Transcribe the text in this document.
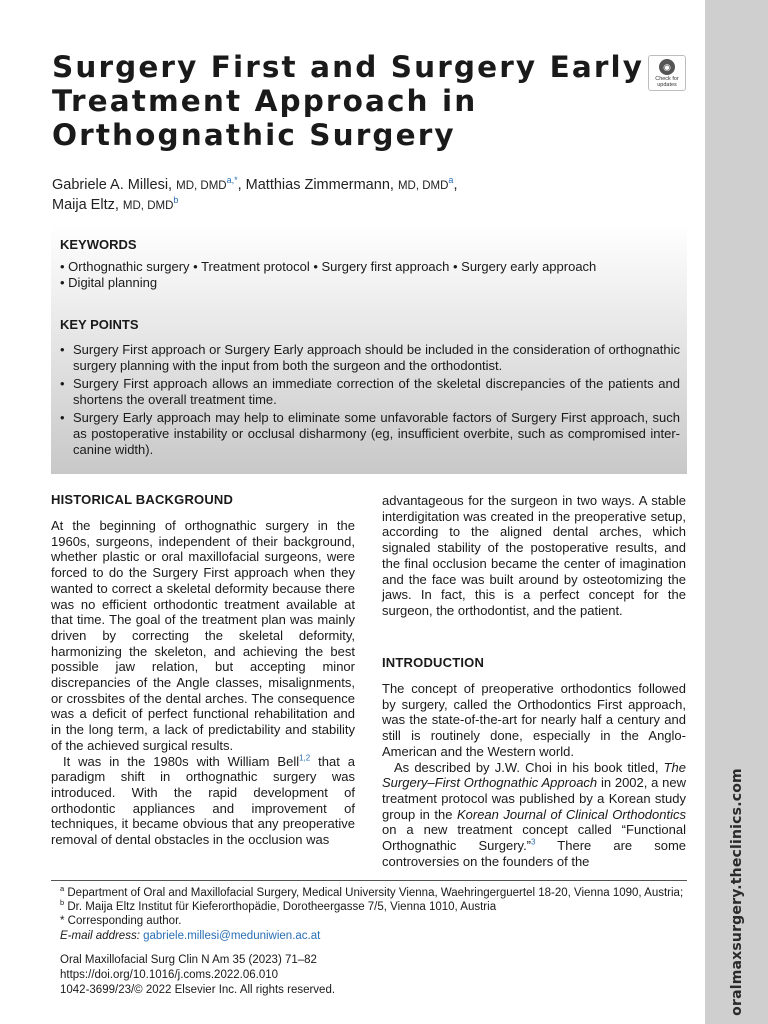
oralmaxsurgery.theclinics.com
◉
Check for
updates
Surgery First and Surgery Early Treatment Approach in Orthognathic Surgery
Gabriele A. Millesi, MD, $DMD^{a,*}$, Matthias Zimmermann, MD, DMD$^a$,
Maija Eltz, MD, DMD$^b$
KEYWORDS
• Orthognathic surgery • Treatment protocol • Surgery first approach • Surgery early approach
• Digital planning
KEY POINTS
• Surgery First approach or Surgery Early approach should be included in the consideration of orthognathic surgery planning with the input from both the surgeon and the orthodontist.
• Surgery First approach allows an immediate correction of the skeletal discrepancies of the patients and shortens the overall treatment time.
• Surgery Early approach may help to eliminate some unfavorable factors of Surgery First approach, such as postoperative instability or occlusal disharmony (eg, insufficient overbite, such as compromised inter-canine width).
HISTORICAL BACKGROUND

At the beginning of orthognathic surgery in the 1960s, surgeons, independent of their background, whether plastic or oral maxillofacial surgeons, were forced to do the Surgery First approach when they wanted to correct a skeletal deformity because there was no efficient orthodontic treatment available at that time. The goal of the treatment plan was mainly driven by correcting the skeletal deformity, harmonizing the skeleton, and achieving the best possible jaw relation, but accepting minor discrepancies of the Angle classes, misalignments, or crossbites of the dental arches. The consequence was a deficit of perfect functional rehabilitation and in the long term, a lack of predictability and stability of the achieved surgical results.

It was in the 1980s with William Bell$^{1,2}$ that a paradigm shift in orthognathic surgery was introduced. With the rapid development of orthodontic appliances and improvement of techniques, it became obvious that any preoperative removal of dental obstacles in the occlusion was

advantageous for the surgeon in two ways. A stable interdigitation was created in the preoperative setup, according to the aligned dental arches, which signaled stability of the postoperative results, and the final occlusion became the center of imagination and the face was built around by osteotomizing the jaws. In fact, this is a perfect concept for the surgeon, the orthodontist, and the patient.

INTRODUCTION

The concept of preoperative orthodontics followed by surgery, called the Orthodontics First approach, was the state-of-the-art for nearly half a century and still is routinely done, especially in the Anglo-American and the Western world.

As described by J.W. Choi in his book titled, The Surgery–First Orthognathic Approach in 2002, a new treatment protocol was published by a Korean study group in the Korean Journal of Clinical Orthodontics on a new treatment concept called “Functional Orthognathic Surgery.”$^3$ There are some controversies on the founders of the

$^a$ Department of Oral and Maxillofacial Surgery, Medical University Vienna, Waehringerguertel 18-20, Vienna 1090, Austria; $^b$ Dr. Maija Eltz Institut für Kieferorthopädie, Dorotheergasse 7/5, Vienna 1010, Austria
* Corresponding author.
E-mail address: gabriele.millesi@meduniwien.ac.at
Oral Maxillofacial Surg Clin N Am 35 (2023) 71–82
https://doi.org/10.1016/j.coms.2022.06.010
1042-3699/23/© 2022 Elsevier Inc. All rights reserved.
